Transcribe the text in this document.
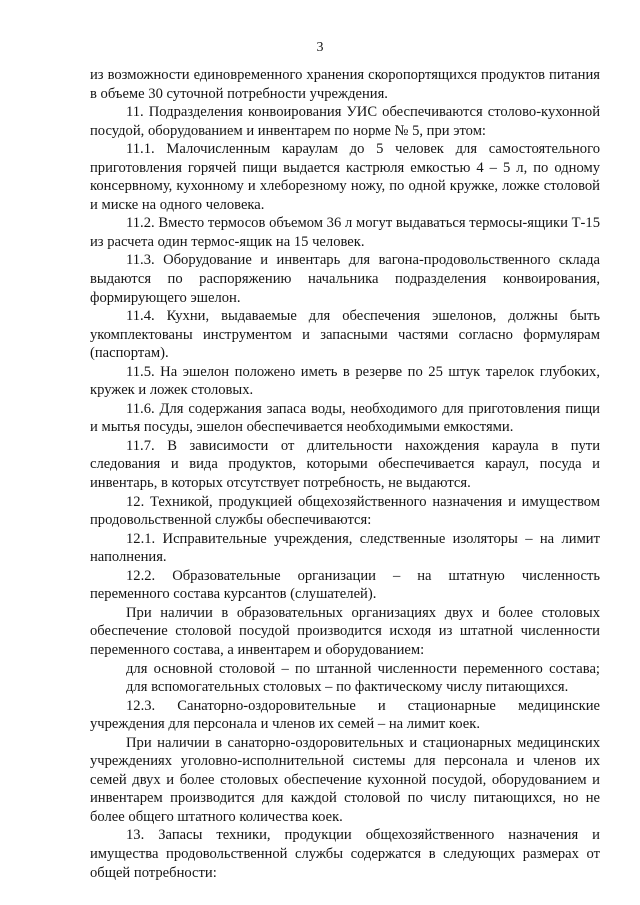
3

из возможности единовременного хранения скоропортящихся продуктов питания в объеме 30 суточной потребности учреждения.

11. Подразделения конвоирования УИС обеспечиваются столово-кухонной посудой, оборудованием и инвентарем по норме № 5, при этом:

11.1. Малочисленным караулам до 5 человек для самостоятельного приготовления горячей пищи выдается кастрюля емкостью 4 – 5 л, по одному консервному, кухонному и хлеборезному ножу, по одной кружке, ложке столовой и миске на одного человека.

11.2. Вместо термосов объемом 36 л могут выдаваться термосы-ящики Т-15 из расчета один термос-ящик на 15 человек.

11.3. Оборудование и инвентарь для вагона-продовольственного склада выдаются по распоряжению начальника подразделения конвоирования, формирующего эшелон.

11.4. Кухни, выдаваемые для обеспечения эшелонов, должны быть укомплектованы инструментом и запасными частями согласно формулярам (паспортам).

11.5. На эшелон положено иметь в резерве по 25 штук тарелок глубоких, кружек и ложек столовых.

11.6. Для содержания запаса воды, необходимого для приготовления пищи и мытья посуды, эшелон обеспечивается необходимыми емкостями.

11.7. В зависимости от длительности нахождения караула в пути следования и вида продуктов, которыми обеспечивается караул, посуда и инвентарь, в которых отсутствует потребность, не выдаются.

12. Техникой, продукцией общехозяйственного назначения и имуществом продовольственной службы обеспечиваются:

12.1. Исправительные учреждения, следственные изоляторы – на лимит наполнения.

12.2. Образовательные организации – на штатную численность переменного состава курсантов (слушателей).

При наличии в образовательных организациях двух и более столовых обеспечение столовой посудой производится исходя из штатной численности переменного состава, а инвентарем и оборудованием:

для основной столовой – по штанной численности переменного состава;

для вспомогательных столовых – по фактическому числу питающихся.

12.3. Санаторно-оздоровительные и стационарные медицинские учреждения для персонала и членов их семей – на лимит коек.

При наличии в санаторно-оздоровительных и стационарных медицинских учреждениях уголовно-исполнительной системы для персонала и членов их семей двух и более столовых обеспечение кухонной посудой, оборудованием и инвентарем производится для каждой столовой по числу питающихся, но не более общего штатного количества коек.

13. Запасы техники, продукции общехозяйственного назначения и имущества продовольственной службы содержатся в следующих размерах от общей потребности:
